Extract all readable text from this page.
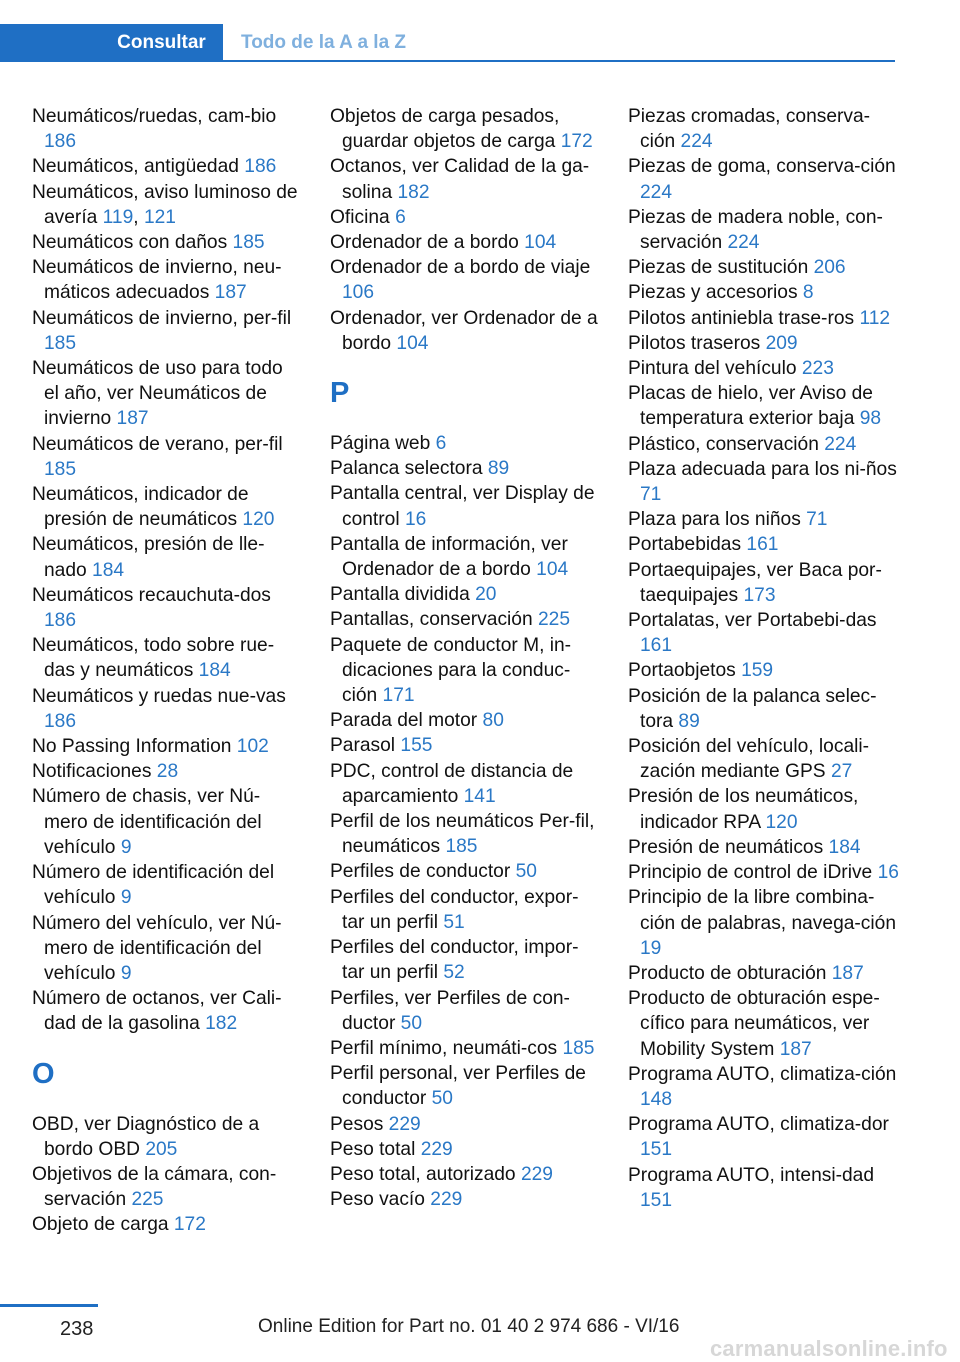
Consultar	Todo de la A a la Z
Neumáticos/ruedas, cam-bio 186
Neumáticos, antigüedad 186
Neumáticos, aviso luminoso de avería 119, 121
Neumáticos con daños 185
Neumáticos de invierno, neu-máticos adecuados 187
Neumáticos de invierno, per-fil 185
Neumáticos de uso para todo el año, ver Neumáticos de invierno 187
Neumáticos de verano, per-fil 185
Neumáticos, indicador de presión de neumáticos 120
Neumáticos, presión de lle-nado 184
Neumáticos recauchuta-dos 186
Neumáticos, todo sobre rue-das y neumáticos 184
Neumáticos y ruedas nue-vas 186
No Passing Information 102
Notificaciones 28
Número de chasis, ver Nú-mero de identificación del vehículo 9
Número de identificación del vehículo 9
Número del vehículo, ver Nú-mero de identificación del vehículo 9
Número de octanos, ver Cali-dad de la gasolina 182
O
OBD, ver Diagnóstico de a bordo OBD 205
Objetivos de la cámara, con-servación 225
Objeto de carga 172
Objetos de carga pesados, guardar objetos de carga 172
Octanos, ver Calidad de la ga-solina 182
Oficina 6
Ordenador de a bordo 104
Ordenador de a bordo de viaje 106
Ordenador, ver Ordenador de a bordo 104
P
Página web 6
Palanca selectora 89
Pantalla central, ver Display de control 16
Pantalla de información, ver Ordenador de a bordo 104
Pantalla dividida 20
Pantallas, conservación 225
Paquete de conductor M, in-dicaciones para la conduc-ción 171
Parada del motor 80
Parasol 155
PDC, control de distancia de aparcamiento 141
Perfil de los neumáticos Per-fil, neumáticos 185
Perfiles de conductor 50
Perfiles del conductor, expor-tar un perfil 51
Perfiles del conductor, impor-tar un perfil 52
Perfiles, ver Perfiles de con-ductor 50
Perfil mínimo, neumáti-cos 185
Perfil personal, ver Perfiles de conductor 50
Pesos 229
Peso total 229
Peso total, autorizado 229
Peso vacío 229
Piezas cromadas, conserva-ción 224
Piezas de goma, conserva-ción 224
Piezas de madera noble, con-servación 224
Piezas de sustitución 206
Piezas y accesorios 8
Pilotos antiniebla trase-ros 112
Pilotos traseros 209
Pintura del vehículo 223
Placas de hielo, ver Aviso de temperatura exterior baja 98
Plástico, conservación 224
Plaza adecuada para los ni-ños 71
Plaza para los niños 71
Portabebidas 161
Portaequipajes, ver Baca por-taequipajes 173
Portalatas, ver Portabebi-das 161
Portaobjetos 159
Posición de la palanca selec-tora 89
Posición del vehículo, locali-zación mediante GPS 27
Presión de los neumáticos, indicador RPA 120
Presión de neumáticos 184
Principio de control de iDrive 16
Principio de la libre combina-ción de palabras, navega-ción 19
Producto de obturación 187
Producto de obturación espe-cífico para neumáticos, ver Mobility System 187
Programa AUTO, climatiza-ción 148
Programa AUTO, climatiza-dor 151
Programa AUTO, intensi-dad 151
238	Online Edition for Part no. 01 40 2 974 686 - VI/16
carmanualsonline.info
